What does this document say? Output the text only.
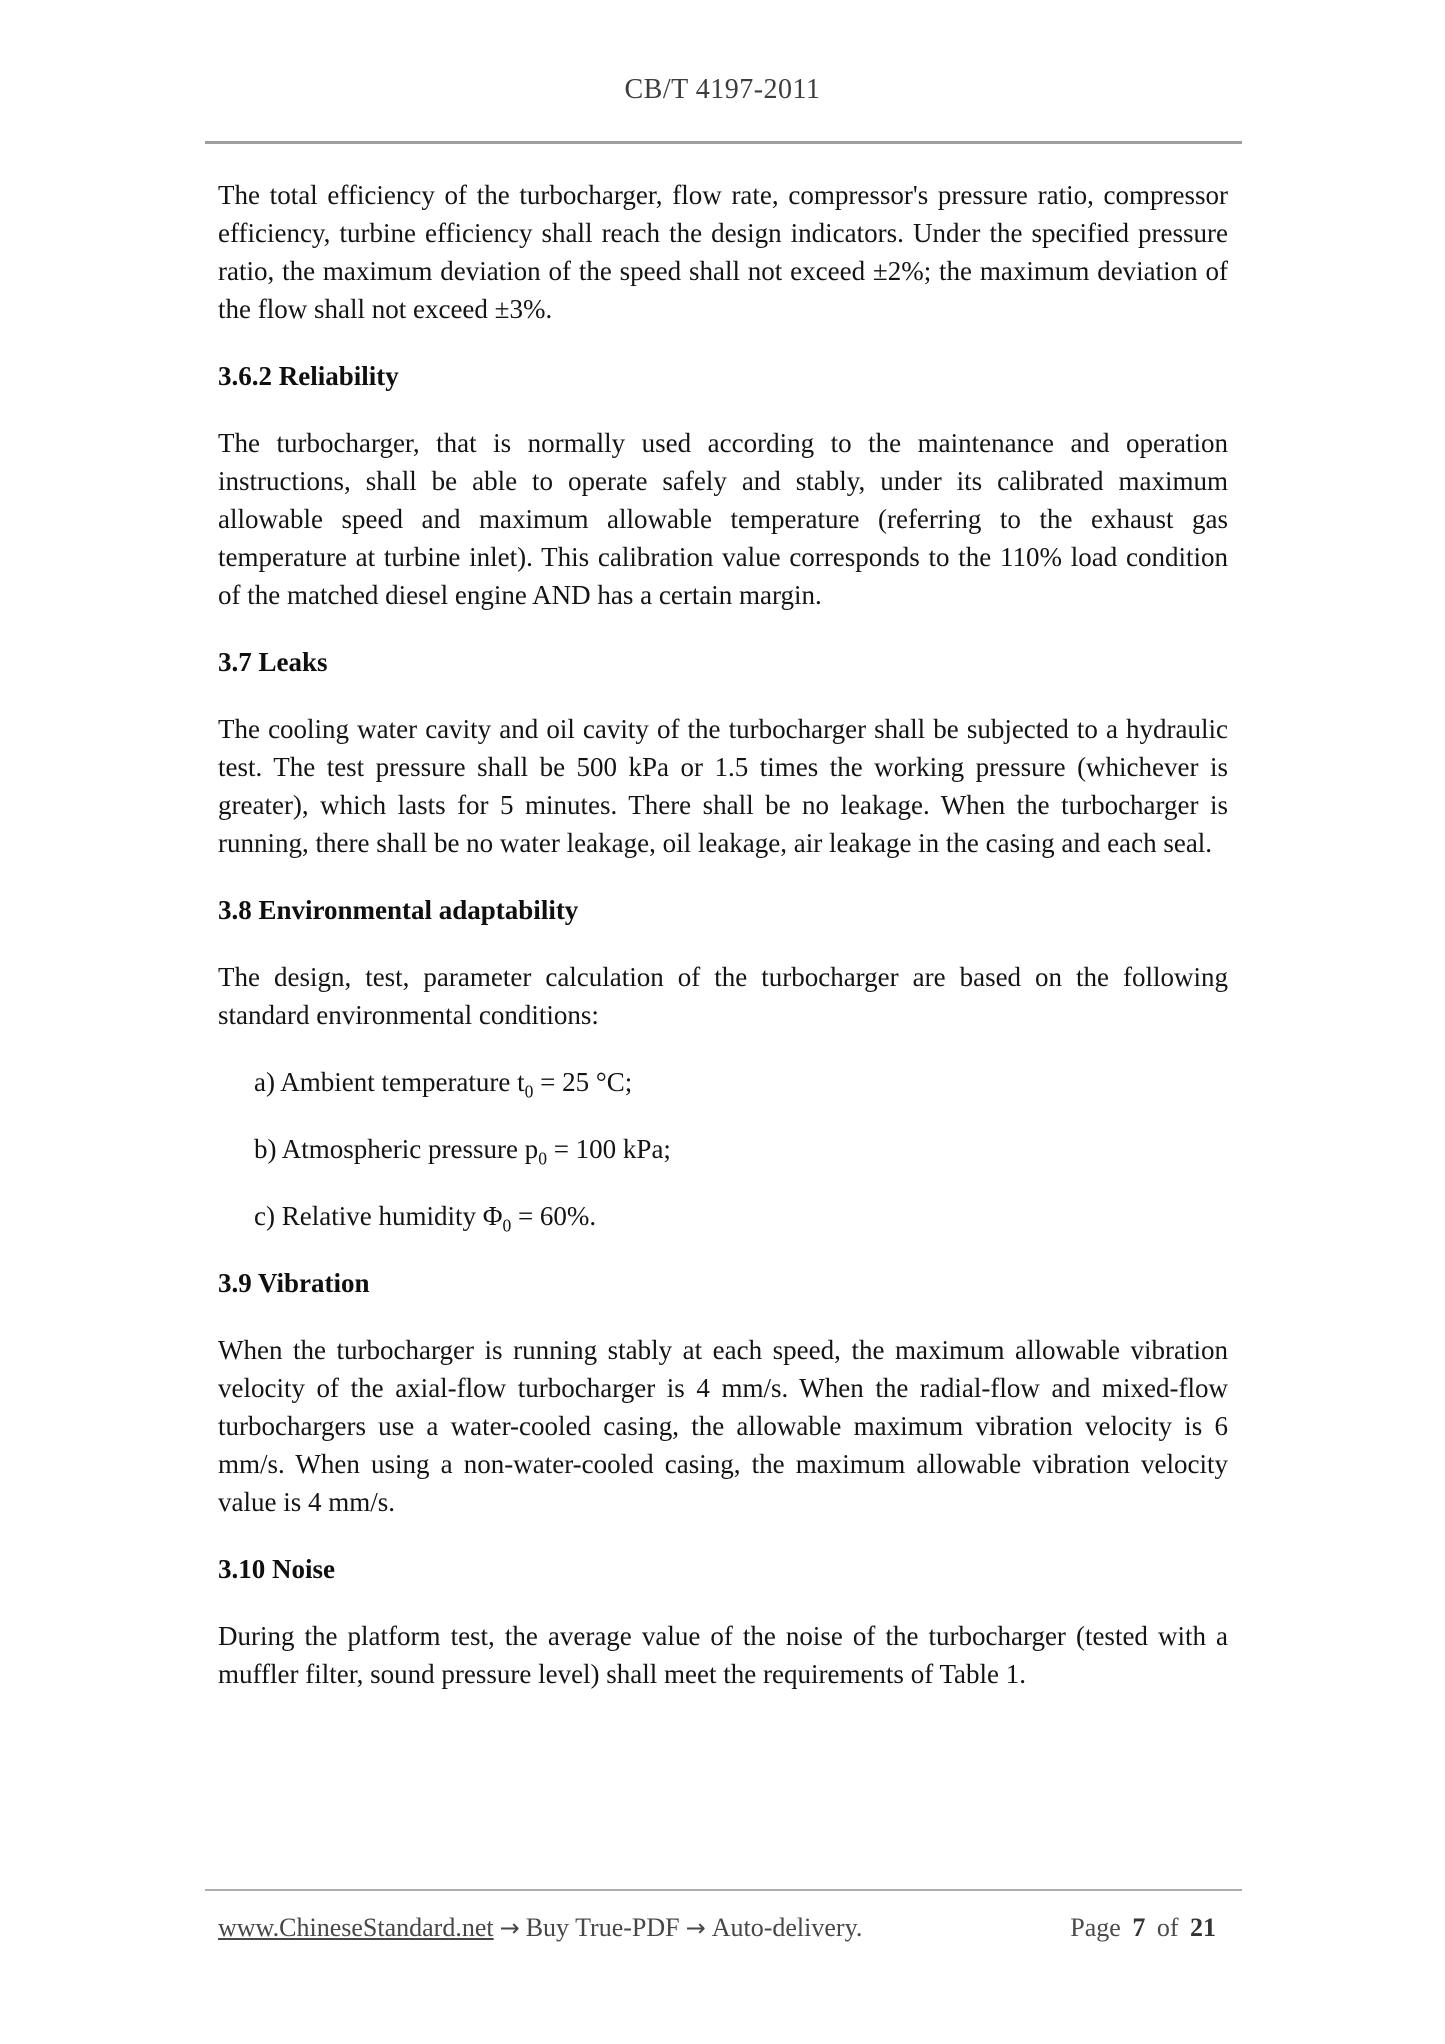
CB/T 4197-2011

The total efficiency of the turbocharger, flow rate, compressor's pressure ratio, compressor efficiency, turbine efficiency shall reach the design indicators. Under the specified pressure ratio, the maximum deviation of the speed shall not exceed ±2%; the maximum deviation of the flow shall not exceed ±3%.

3.6.2 Reliability

The turbocharger, that is normally used according to the maintenance and operation instructions, shall be able to operate safely and stably, under its calibrated maximum allowable speed and maximum allowable temperature (referring to the exhaust gas temperature at turbine inlet). This calibration value corresponds to the 110% load condition of the matched diesel engine AND has a certain margin.

3.7 Leaks

The cooling water cavity and oil cavity of the turbocharger shall be subjected to a hydraulic test. The test pressure shall be 500 kPa or 1.5 times the working pressure (whichever is greater), which lasts for 5 minutes. There shall be no leakage. When the turbocharger is running, there shall be no water leakage, oil leakage, air leakage in the casing and each seal.

3.8 Environmental adaptability

The design, test, parameter calculation of the turbocharger are based on the following standard environmental conditions:

a) Ambient temperature $t_0 = 25$ °C;

b) Atmospheric pressure $p_0 = 100$ kPa;

c) Relative humidity $\Phi_0 = 60\%$.

3.9 Vibration

When the turbocharger is running stably at each speed, the maximum allowable vibration velocity of the axial-flow turbocharger is 4 mm/s. When the radial-flow and mixed-flow turbochargers use a water-cooled casing, the allowable maximum vibration velocity is 6 mm/s. When using a non-water-cooled casing, the maximum allowable vibration velocity value is 4 mm/s.

3.10 Noise

During the platform test, the average value of the noise of the turbocharger (tested with a muffler filter, sound pressure level) shall meet the requirements of Table 1.

www.ChineseStandard.net → Buy True-PDF → Auto-delivery.	Page 7 of 21
